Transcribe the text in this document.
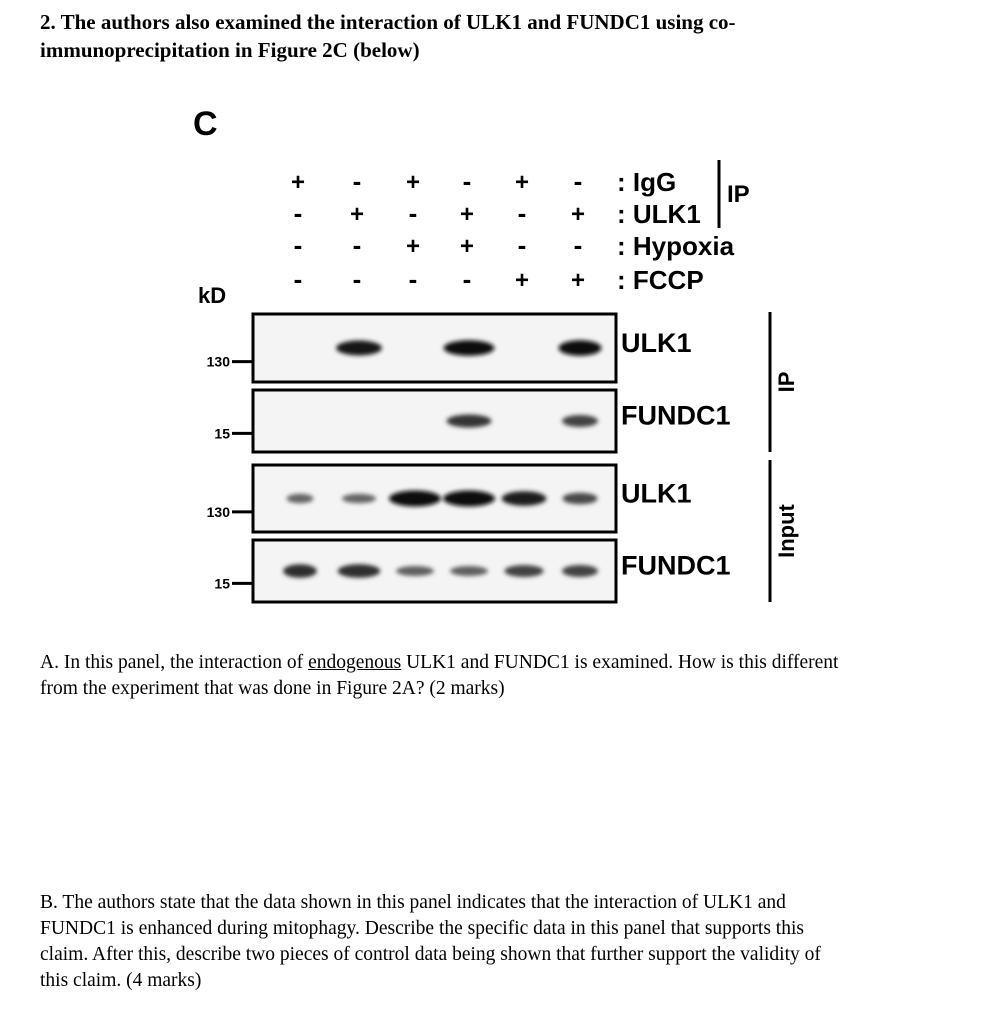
2. The authors also examined the interaction of ULK1 and FUNDC1 using co-
immunoprecipitation in Figure 2C (below)
C
kD
+ - + - + -
- + - + - +
- - + + - -
- - - - + +
: IgG
: ULK1
: Hypoxia
: FCCP
IP
130
ULK1
15
FUNDC1
130
ULK1
15
FUNDC1
IP
Input

A. In this panel, the interaction of endogenous ULK1 and FUNDC1 is examined. How is this different
from the experiment that was done in Figure 2A? (2 marks)

B. The authors state that the data shown in this panel indicates that the interaction of ULK1 and
FUNDC1 is enhanced during mitophagy. Describe the specific data in this panel that supports this
claim. After this, describe two pieces of control data being shown that further support the validity of
this claim. (4 marks)
